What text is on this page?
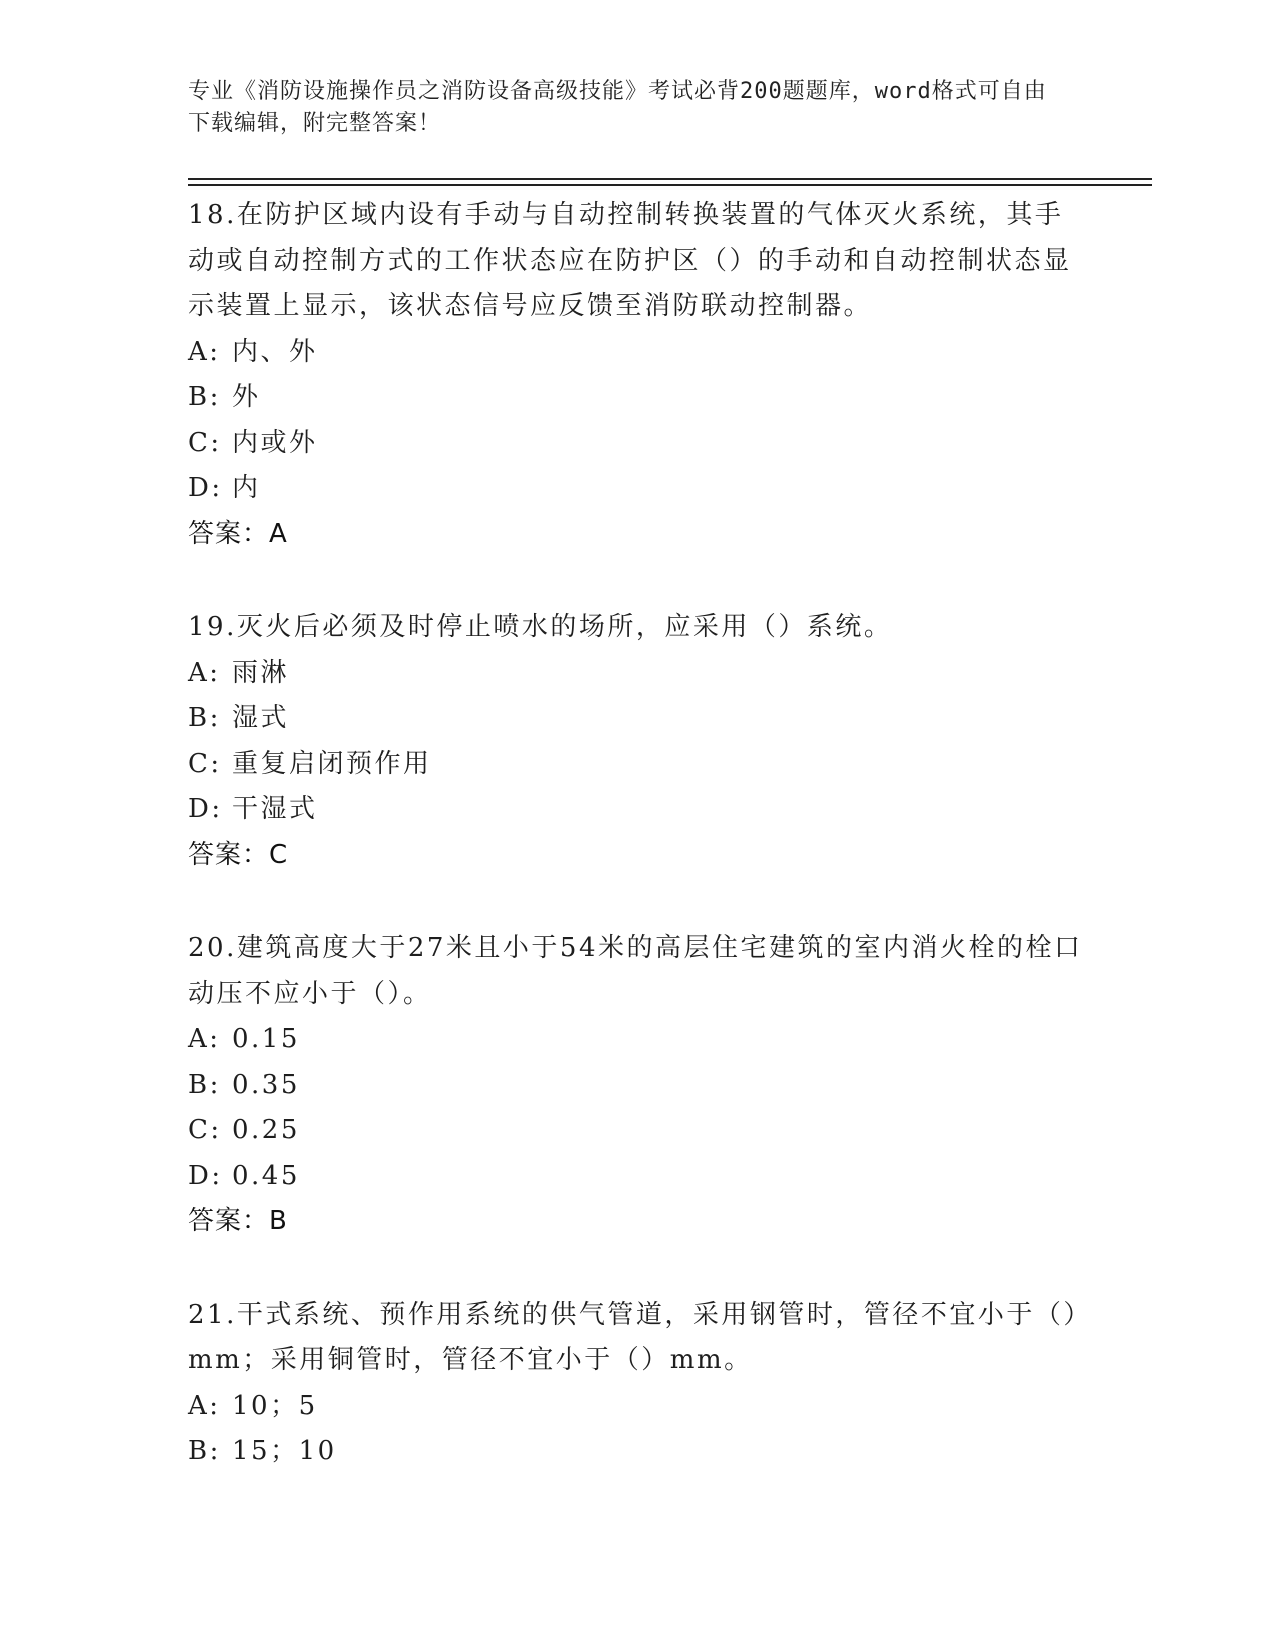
专业《消防设施操作员之消防设备高级技能》考试必背200题题库，word格式可自由下载编辑，附完整答案！
18.在防护区域内设有手动与自动控制转换装置的气体灭火系统，其手动或自动控制方式的工作状态应在防护区（）的手动和自动控制状态显示装置上显示，该状态信号应反馈至消防联动控制器。
A: 内、外
B: 外
C: 内或外
D: 内
答案：A
19.灭火后必须及时停止喷水的场所，应采用（）系统。
A: 雨淋
B: 湿式
C: 重复启闭预作用
D: 干湿式
答案：C
20.建筑高度大于27米且小于54米的高层住宅建筑的室内消火栓的栓口动压不应小于（）。
A: 0.15
B: 0.35
C: 0.25
D: 0.45
答案：B
21.干式系统、预作用系统的供气管道，采用钢管时，管径不宜小于（）mm；采用铜管时，管径不宜小于（）mm。
A: 10；5
B: 15；10
